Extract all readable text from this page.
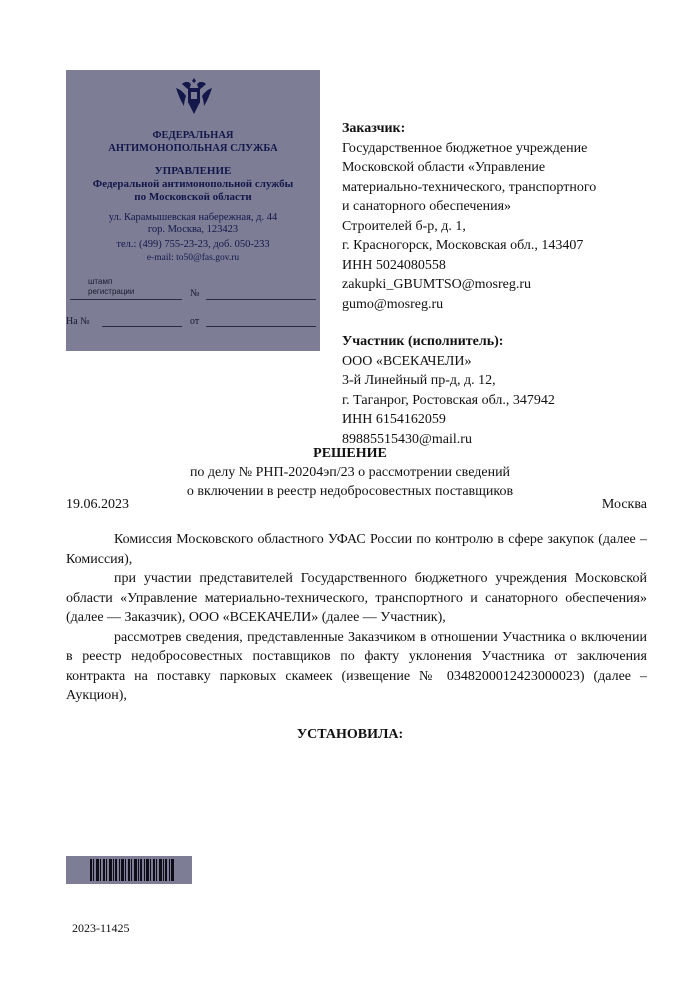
ФЕДЕРАЛЬНАЯ
АНТИМОНОПОЛЬНАЯ СЛУЖБА
УПРАВЛЕНИЕ
Федеральной антимонопольной службы
по Московской области
ул. Карамышевская набережная, д. 44
гор. Москва, 123423
тел.: (499) 755-23-23, доб. 050-233
e-mail: to50@fas.gov.ru
штамп
регистрации	№
На №	от
Заказчик:
Государственное бюджетное учреждение
Московской области «Управление
материально-технического, транспортного
и санаторного обеспечения»
Строителей б-р, д. 1,
г. Красногорск, Московская обл., 143407
ИНН 5024080558
zakupki_GBUMTSO@mosreg.ru
gumo@mosreg.ru
Участник (исполнитель):
ООО «ВСЕКАЧЕЛИ»
3-й Линейный пр-д, д. 12,
г. Таганрог, Ростовская обл., 347942
ИНН 6154162059
89885515430@mail.ru
РЕШЕНИЕ
по делу № РНП-20204эп/23 о рассмотрении сведений
о включении в реестр недобросовестных поставщиков
19.06.2023	Москва

Комиссия Московского областного УФАС России по контролю в сфере закупок (далее – Комиссия),

при участии представителей Государственного бюджетного учреждения Московской области «Управление материально-технического, транспортного и санаторного обеспечения» (далее — Заказчик), ООО «ВСЕКАЧЕЛИ» (далее — Участник),

рассмотрев сведения, представленные Заказчиком в отношении Участника о включении в реестр недобросовестных поставщиков по факту уклонения Участника от заключения контракта на поставку парковых скамеек (извещение № 0348200012423000023) (далее – Аукцион),

УСТАНОВИЛА:
2023-11425
